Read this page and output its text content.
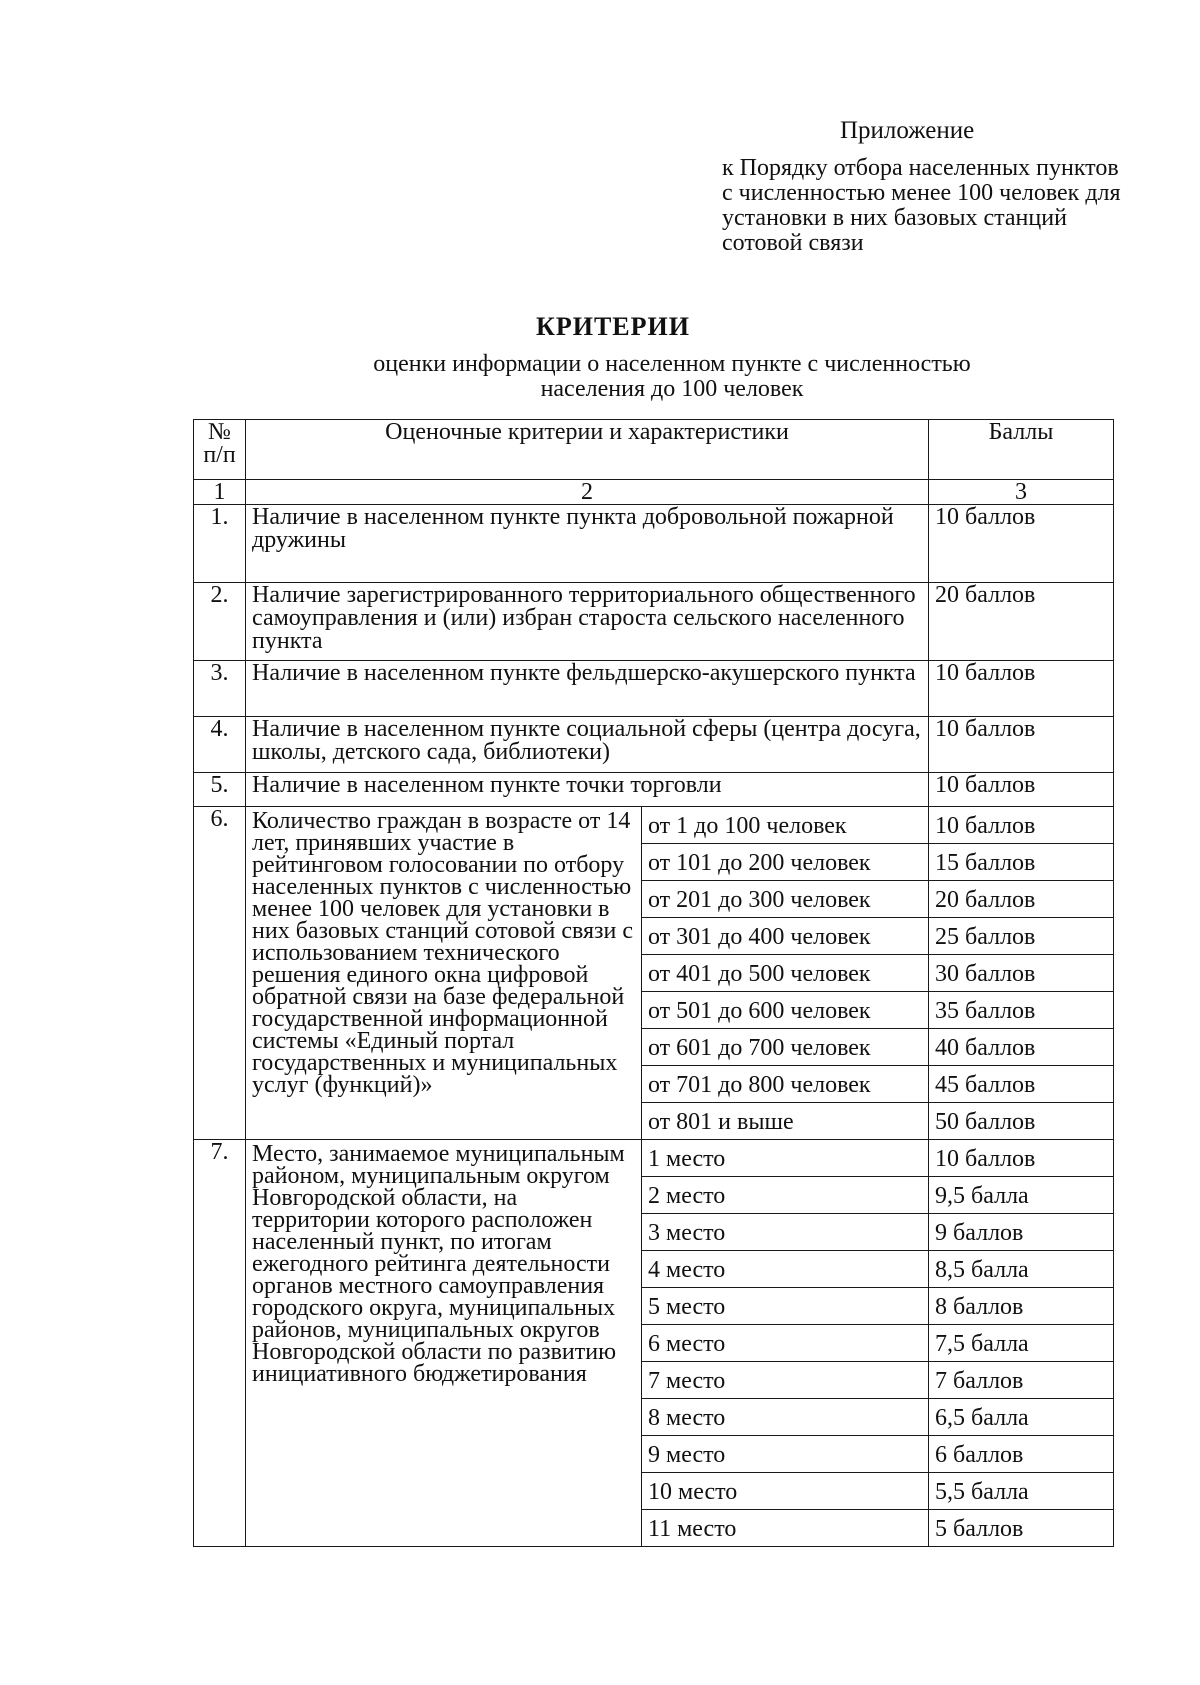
Приложение
к Порядку отбора населенных пунктов с численностью менее 100 человек для установки в них базовых станций сотовой связи
КРИТЕРИИ
оценки информации о населенном пункте с численностью
населения до 100 человек
№ п/п	Оценочные критерии и характеристики		Баллы
1	2		3
1.	Наличие в населенном пункте пункта добровольной пожарной дружины		10 баллов
2.	Наличие зарегистрированного территориального общественного самоуправления и (или) избран староста сельского населенного пункта		20 баллов
3.	Наличие в населенном пункте фельдшерско-акушерского пункта		10 баллов
4.	Наличие в населенном пункте социальной сферы (центра досуга, школы, детского сада, библиотеки)		10 баллов
5.	Наличие в населенном пункте точки торговли		10 баллов
6.	Количество граждан в возрасте от 14 лет, принявших участие в рейтинговом голосовании по отбору населенных пунктов с численностью менее 100 человек для установки в них базовых станций сотовой связи с использованием технического решения единого окна цифровой обратной связи на базе федеральной государственной информационной системы «Единый портал государственных и муниципальных услуг (функций)»	от 1 до 100 человек	10 баллов
		от 101 до 200 человек	15 баллов
		от 201 до 300 человек	20 баллов
		от 301 до 400 человек	25 баллов
		от 401 до 500 человек	30 баллов
		от 501 до 600 человек	35 баллов
		от 601 до 700 человек	40 баллов
		от 701 до 800 человек	45 баллов
		от 801 и выше	50 баллов
7.	Место, занимаемое муниципальным районом, муниципальным округом Новгородской области, на территории которого расположен населенный пункт, по итогам ежегодного рейтинга деятельности органов местного самоуправления городского округа, муниципальных районов, муниципальных округов Новгородской области по развитию инициативного бюджетирования	1 место	10 баллов
		2 место	9,5 балла
		3 место	9 баллов
		4 место	8,5 балла
		5 место	8 баллов
		6 место	7,5 балла
		7 место	7 баллов
		8 место	6,5 балла
		9 место	6 баллов
		10 место	5,5 балла
		11 место	5 баллов
